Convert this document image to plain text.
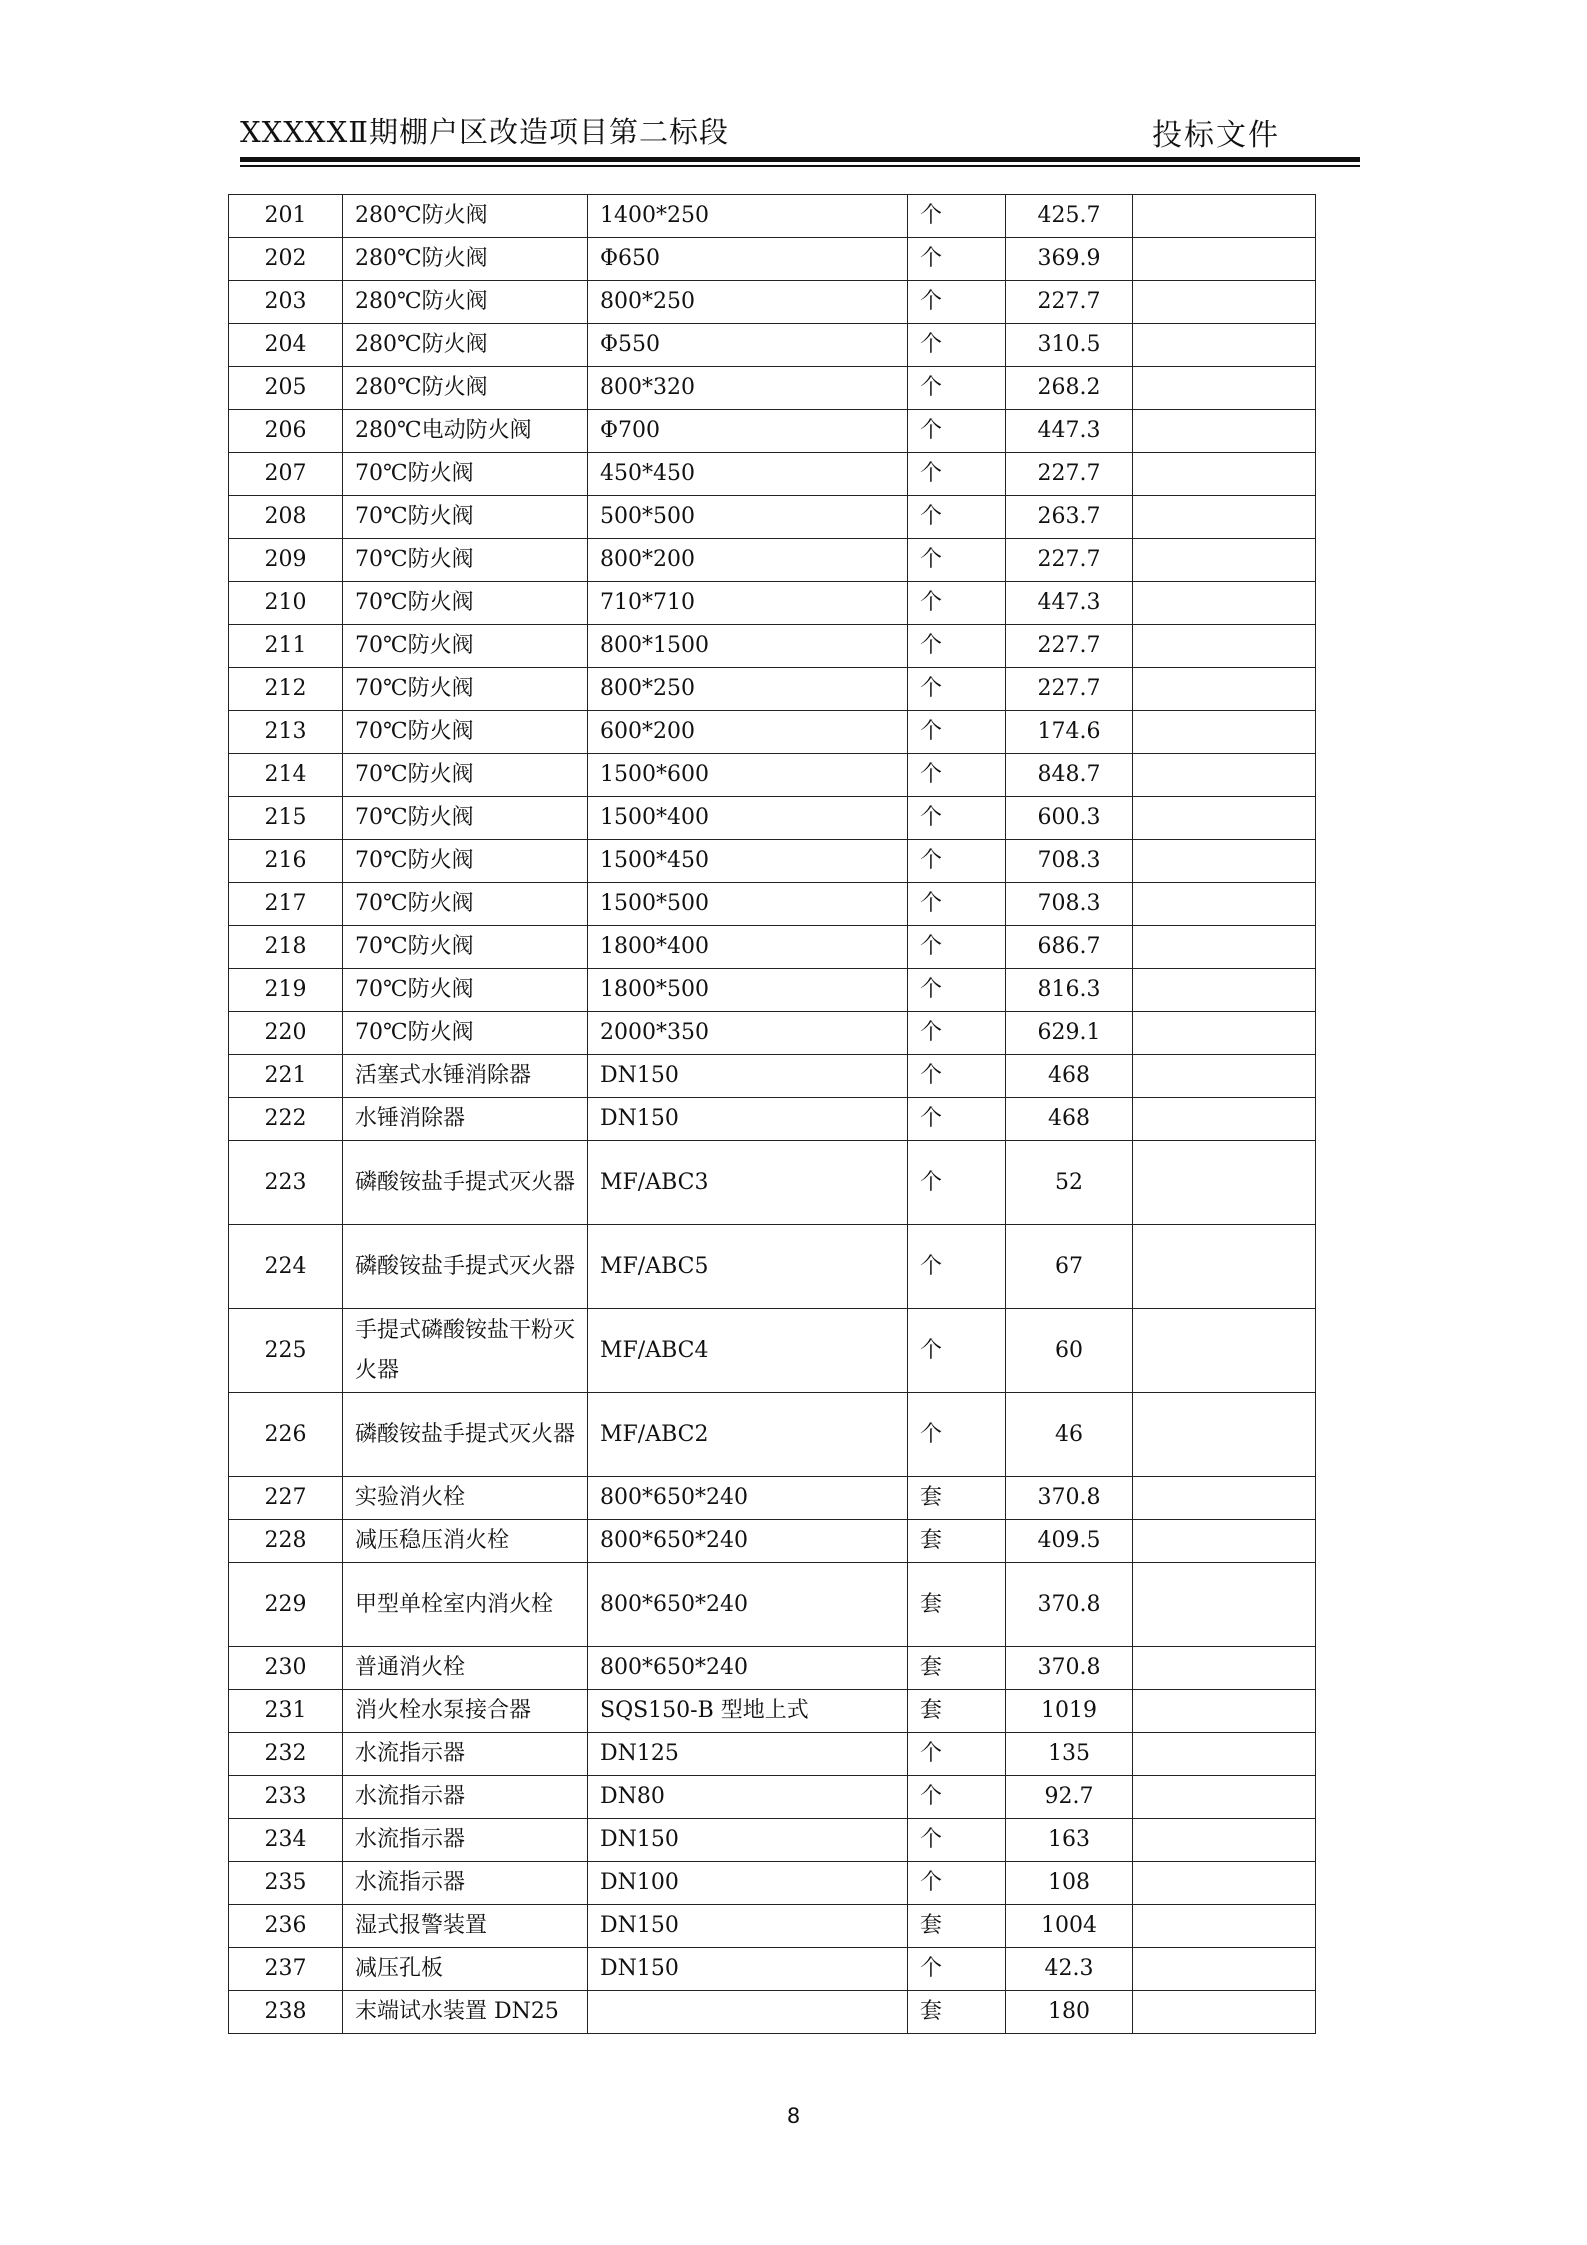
XXXXXⅡ期棚户区改造项目第二标段	投标文件
201	280℃防火阀	1400*250	个	425.7	
202	280℃防火阀	Φ650	个	369.9	
203	280℃防火阀	800*250	个	227.7	
204	280℃防火阀	Φ550	个	310.5	
205	280℃防火阀	800*320	个	268.2	
206	280℃电动防火阀	Φ700	个	447.3	
207	70℃防火阀	450*450	个	227.7	
208	70℃防火阀	500*500	个	263.7	
209	70℃防火阀	800*200	个	227.7	
210	70℃防火阀	710*710	个	447.3	
211	70℃防火阀	800*1500	个	227.7	
212	70℃防火阀	800*250	个	227.7	
213	70℃防火阀	600*200	个	174.6	
214	70℃防火阀	1500*600	个	848.7	
215	70℃防火阀	1500*400	个	600.3	
216	70℃防火阀	1500*450	个	708.3	
217	70℃防火阀	1500*500	个	708.3	
218	70℃防火阀	1800*400	个	686.7	
219	70℃防火阀	1800*500	个	816.3	
220	70℃防火阀	2000*350	个	629.1	
221	活塞式水锤消除器	DN150	个	468	
222	水锤消除器	DN150	个	468	
223	磷酸铵盐手提式灭火器	MF/ABC3	个	52	
224	磷酸铵盐手提式灭火器	MF/ABC5	个	67	
225	手提式磷酸铵盐干粉灭火器	MF/ABC4	个	60	
226	磷酸铵盐手提式灭火器	MF/ABC2	个	46	
227	实验消火栓	800*650*240	套	370.8	
228	减压稳压消火栓	800*650*240	套	409.5	
229	甲型单栓室内消火栓	800*650*240	套	370.8	
230	普通消火栓	800*650*240	套	370.8	
231	消火栓水泵接合器	SQS150-B 型地上式	套	1019	
232	水流指示器	DN125	个	135	
233	水流指示器	DN80	个	92.7	
234	水流指示器	DN150	个	163	
235	水流指示器	DN100	个	108	
236	湿式报警装置	DN150	套	1004	
237	减压孔板	DN150	个	42.3	
238	末端试水装置 DN25		套	180	
8
